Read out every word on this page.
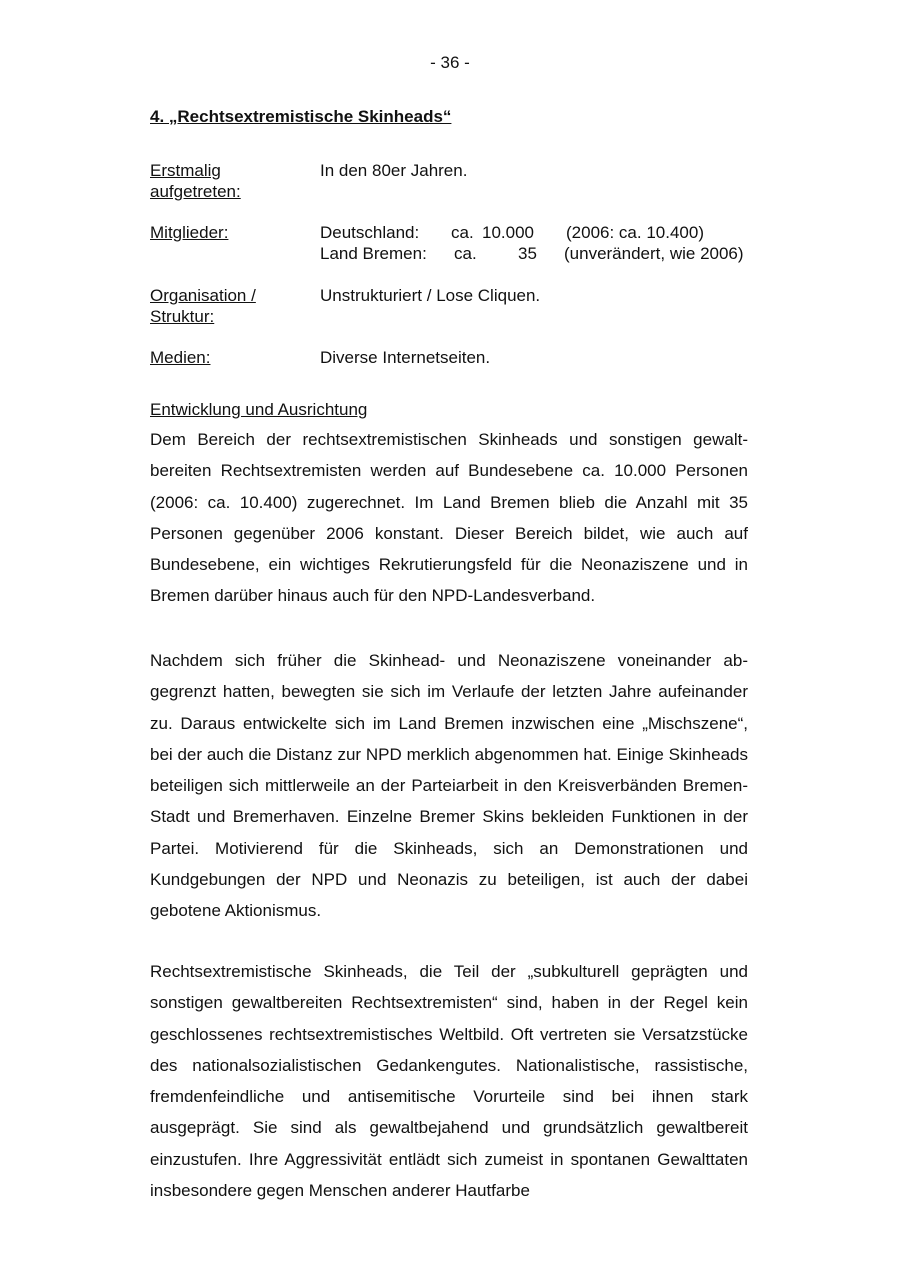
- 36 -
4. „Rechtsextremistische Skinheads“
Erstmalig aufgetreten:
In den 80er Jahren.
Mitglieder:	Deutschland: ca. 10.000 (2006: ca. 10.400)
Land Bremen: ca. 35 (unverändert, wie 2006)
Organisation / Struktur:
Unstrukturiert / Lose Cliquen.
Medien:	Diverse Internetseiten.
Entwicklung und Ausrichtung

Dem Bereich der rechtsextremistischen Skinheads und sonstigen gewaltbereiten Rechtsextremisten werden auf Bundesebene ca. 10.000 Personen (2006: ca. 10.400) zugerechnet. Im Land Bremen blieb die Anzahl mit 35 Personen gegenüber 2006 konstant. Dieser Bereich bildet, wie auch auf Bundesebene, ein wichtiges Rekrutierungsfeld für die Neonaziszene und in Bremen darüber hinaus auch für den NPD-Landesverband.

Nachdem sich früher die Skinhead- und Neonaziszene voneinander abgegrenzt hatten, bewegten sie sich im Verlaufe der letzten Jahre aufeinander zu. Daraus entwickelte sich im Land Bremen inzwischen eine „Mischszene“, bei der auch die Distanz zur NPD merklich abgenommen hat. Einige Skinheads beteiligen sich mittlerweile an der Parteiarbeit in den Kreisverbänden Bremen-Stadt und Bremerhaven. Einzelne Bremer Skins bekleiden Funktionen in der Partei. Motivierend für die Skinheads, sich an Demonstrationen und Kundgebungen der NPD und Neonazis zu beteiligen, ist auch der dabei gebotene Aktionismus.

Rechtsextremistische Skinheads, die Teil der „subkulturell geprägten und sonstigen gewaltbereiten Rechtsextremisten“ sind, haben in der Regel kein geschlossenes rechtsextremistisches Weltbild. Oft vertreten sie Versatzstücke des nationalsozialistischen Gedankengutes. Nationalistische, rassistische, fremdenfeindliche und antisemitische Vorurteile sind bei ihnen stark ausgeprägt. Sie sind als gewaltbejahend und grundsätzlich gewaltbereit einzustufen. Ihre Aggressivität entlädt sich zumeist in spontanen Gewalttaten insbesondere gegen Menschen anderer Hautfarbe
